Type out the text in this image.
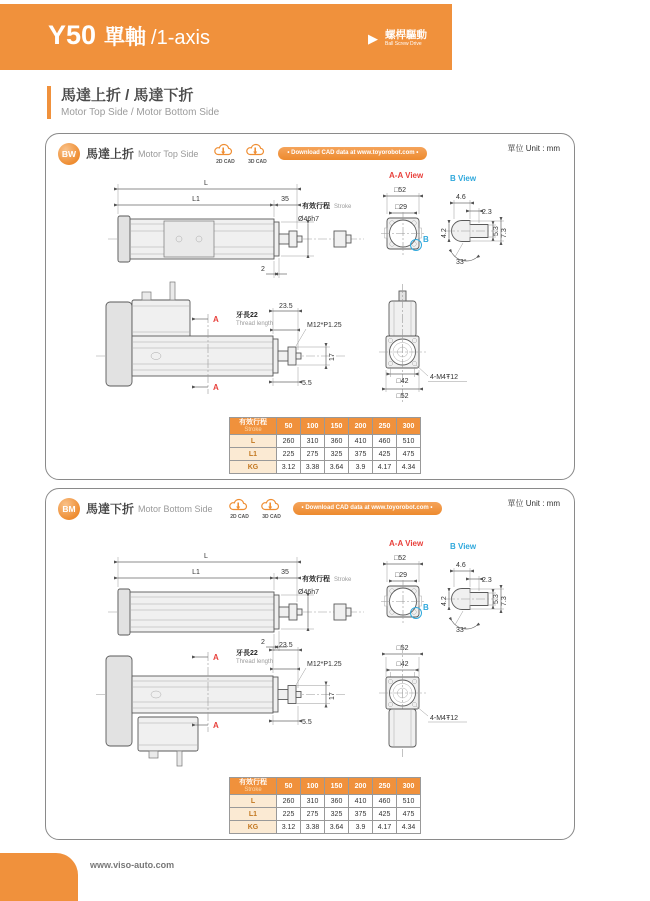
Y50 單軸 /1-axis	▶ 螺桿驅動
Ball Screw Drive
馬達上折 / 馬達下折
Motor Top Side / Motor Bottom Side
BW 馬達上折 Motor Top Side
2D CAD	3D CAD
• Download CAD data at www.toyorobot.com •	單位 Unit : mm
L
L1	35
有效行程 Stroke
Ø46h7
2
A
A
牙長22
Thread length
23.5
M12*P1.25
17
5.5
A-A View
□52
□29
B
B View
4.6
2.3
4.2	5.3 7.3
33°
□42
4-M4Ŧ12
□52
有效行程
Stroke	50	100	150	200	250	300
L	260	310	360	410	460	510
L1	225	275	325	375	425	475
KG	3.12	3.38	3.64	3.9	4.17	4.34
BM 馬達下折 Motor Bottom Side
2D CAD	3D CAD
• Download CAD data at www.toyorobot.com •	單位 Unit : mm
L
L1	35
有效行程 Stroke
Ø46h7
2
A
A
牙長22
Thread length
23.5
M12*P1.25
17
5.5
A-A View
□52
□29
B
B View
4.6
2.3
4.2	5.3 7.3
33°
□52
□42
4-M4Ŧ12
有效行程
Stroke	50	100	150	200	250	300
L	260	310	360	410	460	510
L1	225	275	325	375	425	475
KG	3.12	3.38	3.64	3.9	4.17	4.34
www.viso-auto.com
